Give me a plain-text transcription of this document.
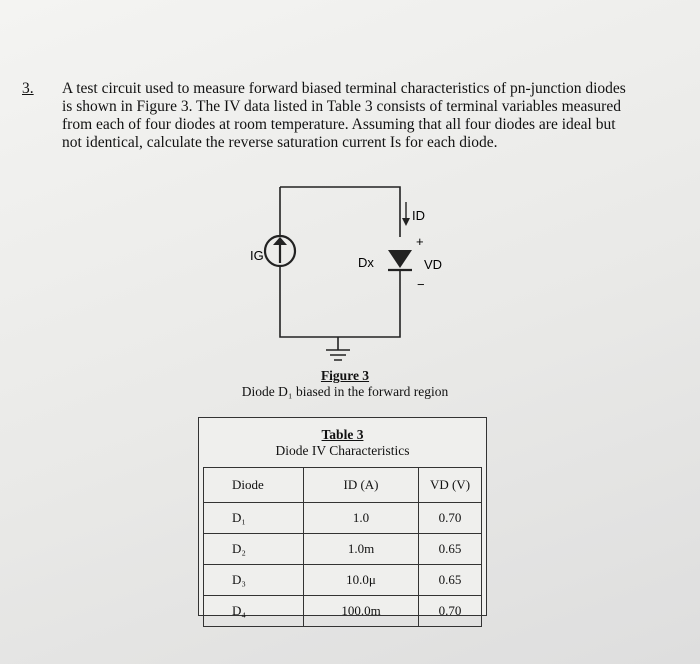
3. A test circuit used to measure forward biased terminal characteristics of pn-junction diodes
is shown in Figure 3. The IV data listed in Table 3 consists of terminal variables measured
from each of four diodes at room temperature. Assuming that all four diodes are ideal but
not identical, calculate the reverse saturation current Is for each diode.
IG	Dx
ID
+
VD
−
Figure 3
Diode D₁ biased in the forward region
Table 3
Diode IV Characteristics
Diode	ID (A)	VD (V)
D₁	1.0	0.70
D₂	1.0m	0.65
D₃	10.0μ	0.65
D₄	100.0m	0.70
